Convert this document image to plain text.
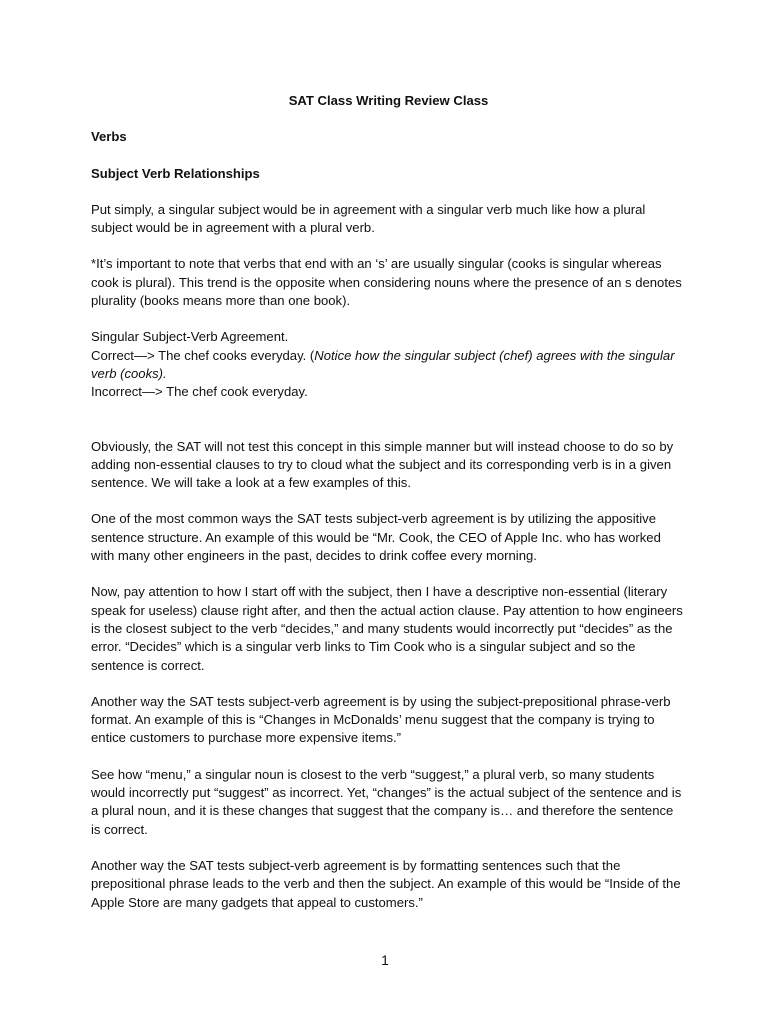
SAT Class Writing Review Class
Verbs
Subject Verb Relationships

Put simply, a singular subject would be in agreement with a singular verb much like how a plural subject would be in agreement with a plural verb.

*It’s important to note that verbs that end with an ‘s’ are usually singular (cooks is singular whereas cook is plural). This trend is the opposite when considering nouns where the presence of an s denotes plurality (books means more than one book).

Singular Subject-Verb Agreement.
Correct—> The chef cooks everyday. (Notice how the singular subject (chef) agrees with the singular verb (cooks).
Incorrect—> The chef cook everyday.

Obviously, the SAT will not test this concept in this simple manner but will instead choose to do so by adding non-essential clauses to try to cloud what the subject and its corresponding verb is in a given sentence. We will take a look at a few examples of this.

One of the most common ways the SAT tests subject-verb agreement is by utilizing the appositive sentence structure. An example of this would be “Mr. Cook, the CEO of Apple Inc. who has worked with many other engineers in the past, decides to drink coffee every morning.

Now, pay attention to how I start off with the subject, then I have a descriptive non-essential (literary speak for useless) clause right after, and then the actual action clause. Pay attention to how engineers is the closest subject to the verb “decides,” and many students would incorrectly put “decides” as the error. “Decides” which is a singular verb links to Tim Cook who is a singular subject and so the sentence is correct.

Another way the SAT tests subject-verb agreement is by using the subject-prepositional phrase-verb format. An example of this is “Changes in McDonalds’ menu suggest that the company is trying to entice customers to purchase more expensive items.”

See how “menu,” a singular noun is closest to the verb “suggest,” a plural verb, so many students would incorrectly put “suggest” as incorrect. Yet, “changes” is the actual subject of the sentence and is a plural noun, and it is these changes that suggest that the company is… and therefore the sentence is correct.

Another way the SAT tests subject-verb agreement is by formatting sentences such that the prepositional phrase leads to the verb and then the subject. An example of this would be “Inside of the Apple Store are many gadgets that appeal to customers.”

1
